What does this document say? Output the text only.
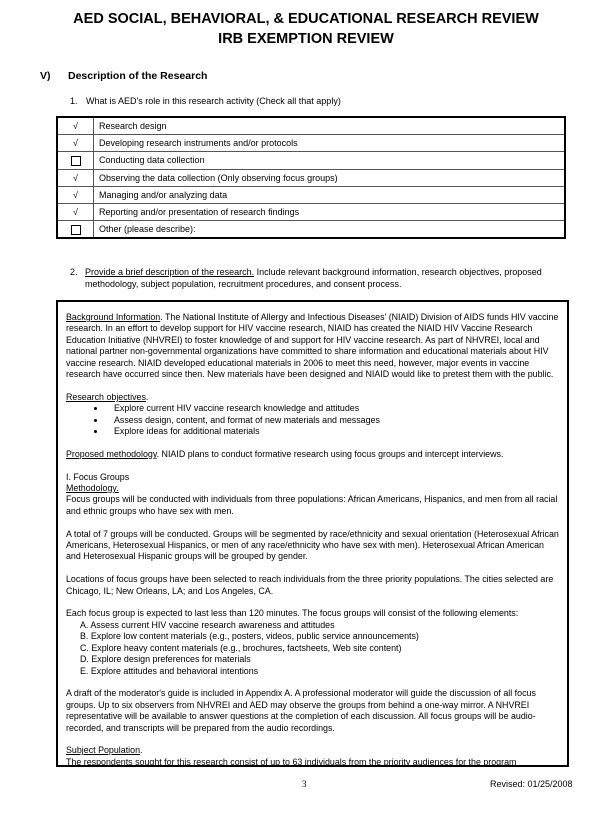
AED SOCIAL, BEHAVIORAL, & EDUCATIONAL RESEARCH REVIEW
IRB EXEMPTION REVIEW
V) Description of the Research
1. What is AED's role in this research activity (Check all that apply)
√	Research design
√	Developing research instruments and/or protocols
	Conducting data collection
√	Observing the data collection (Only observing focus groups)
√	Managing and/or analyzing data
√	Reporting and/or presentation of research findings
	Other (please describe):
2. Provide a brief description of the research. Include relevant background information, research objectives, proposed methodology, subject population, recruitment procedures, and consent process.

Background Information. The National Institute of Allergy and Infectious Diseases' (NIAID) Division of AIDS funds HIV vaccine research. In an effort to develop support for HIV vaccine research, NIAID has created the NIAID HIV Vaccine Research Education Initiative (NHVREI) to foster knowledge of and support for HIV vaccine research. As part of NHVREI, local and national partner non-governmental organizations have committed to share information and educational materials about HIV vaccine research. NIAID developed educational materials in 2006 to meet this need, however, major events in vaccine research have occurred since then. New materials have been designed and NIAID would like to pretest them with the public.

Research objectives.
• Explore current HIV vaccine research knowledge and attitudes
• Assess design, content, and format of new materials and messages
• Explore ideas for additional materials

Proposed methodology. NIAID plans to conduct formative research using focus groups and intercept interviews.

I. Focus Groups
Methodology.

Focus groups will be conducted with individuals from three populations: African Americans, Hispanics, and men from all racial and ethnic groups who have sex with men.

A total of 7 groups will be conducted. Groups will be segmented by race/ethnicity and sexual orientation (Heterosexual African Americans, Heterosexual Hispanics, or men of any race/ethnicity who have sex with men). Heterosexual African American and Heterosexual Hispanic groups will be grouped by gender.

Locations of focus groups have been selected to reach individuals from the three priority populations. The cities selected are Chicago, IL; New Orleans, LA; and Los Angeles, CA.

Each focus group is expected to last less than 120 minutes. The focus groups will consist of the following elements:
A. Assess current HIV vaccine research awareness and attitudes
B. Explore low content materials (e.g., posters, videos, public service announcements)
C. Explore heavy content materials (e.g., brochures, factsheets, Web site content)
D. Explore design preferences for materials
E. Explore attitudes and behavioral intentions

A draft of the moderator's guide is included in Appendix A. A professional moderator will guide the discussion of all focus groups. Up to six observers from NHVREI and AED may observe the groups from behind a one-way mirror. A NHVREI representative will be available to answer questions at the completion of each discussion. All focus groups will be audio-recorded, and transcripts will be prepared from the audio recordings.

Subject Population.
The respondents sought for this research consist of up to 63 individuals from the priority audiences for the program
3	Revised: 01/25/2008
